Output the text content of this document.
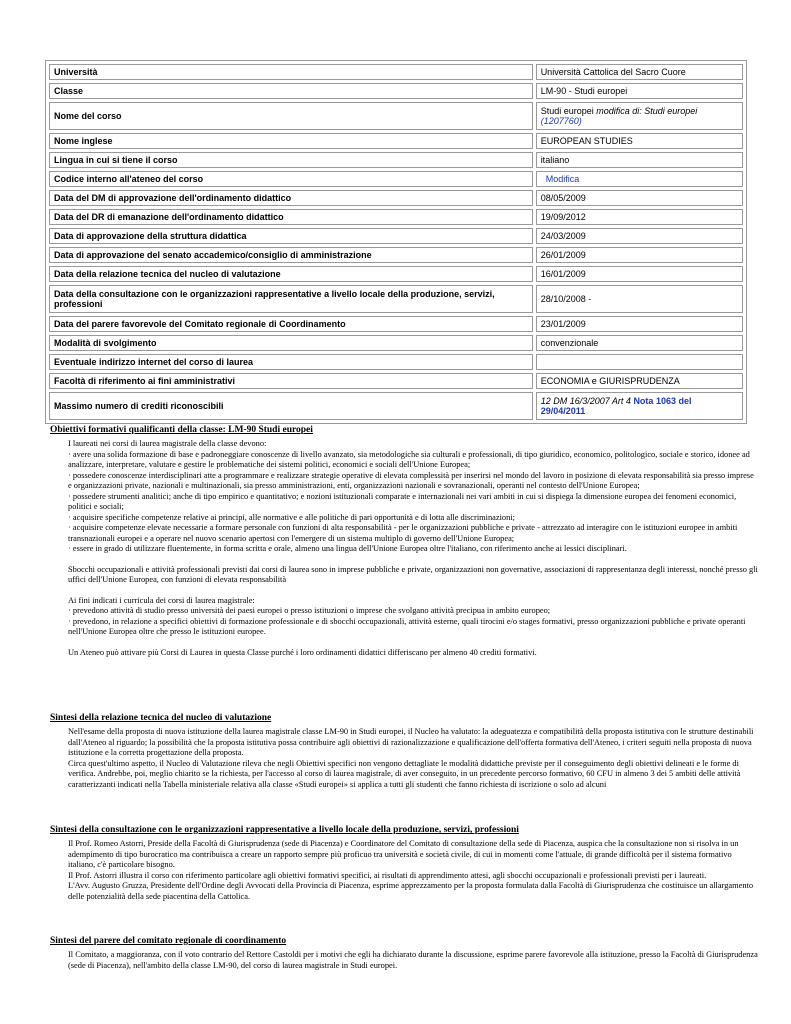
Università	Università Cattolica del Sacro Cuore
Classe	LM-90 - Studi europei
Nome del corso	Studi europei modifica di: Studi europei
(1207760)
Nome inglese	EUROPEAN STUDIES
Lingua in cui si tiene il corso	italiano
Codice interno all'ateneo del corso	Modifica
Data del DM di approvazione dell'ordinamento didattico	08/05/2009
Data del DR di emanazione dell'ordinamento didattico	19/09/2012
Data di approvazione della struttura didattica	24/03/2009
Data di approvazione del senato accademico/consiglio di amministrazione	26/01/2009
Data della relazione tecnica del nucleo di valutazione	16/01/2009
Data della consultazione con le organizzazioni rappresentative a livello locale della produzione, servizi, professioni	28/10/2008 -
Data del parere favorevole del Comitato regionale di Coordinamento	23/01/2009
Modalità di svolgimento	convenzionale
Eventuale indirizzo internet del corso di laurea	
Facoltà di riferimento ai fini amministrativi	ECONOMIA e GIURISPRUDENZA
Massimo numero di crediti riconoscibili	12 DM 16/3/2007 Art 4 Nota 1063 del 29/04/2011
Obiettivi formativi qualificanti della classe: LM-90 Studi europei

I laureati nei corsi di laurea magistrale della classe devono:

· avere una solida formazione di base e padroneggiare conoscenze di livello avanzato, sia metodologiche sia culturali e professionali, di tipo giuridico, economico, politologico, sociale e storico, idonee ad analizzare, interpretare, valutare e gestire le problematiche dei sistemi politici, economici e sociali dell'Unione Europea;

· possedere conoscenze interdisciplinari atte a programmare e realizzare strategie operative di elevata complessità per inserirsi nel mondo del lavoro in posizione di elevata responsabilità sia presso imprese e organizzazioni private, nazionali e multinazionali, sia presso amministrazioni, enti, organizzazioni nazionali e sovranazionali, operanti nel contesto dell'Unione Europea;

· possedere strumenti analitici; anche di tipo empirico e quantitativo; e nozioni istituzionali comparate e internazionali nei vari ambiti in cui si dispiega la dimensione europea dei fenomeni economici, politici e sociali;

· acquisire specifiche competenze relative ai principi, alle normative e alle politiche di pari opportunità e di lotta alle discriminazioni;

· acquisire competenze elevate necessarie a formare personale con funzioni di alta responsabilità - per le organizzazioni pubbliche e private - attrezzato ad interagire con le istituzioni europee in ambiti transnazionali europei e a operare nel nuovo scenario apertosi con l'emergere di un sistema multiplo di governo dell'Unione Europea;

· essere in grado di utilizzare fluentemente, in forma scritta e orale, almeno una lingua dell'Unione Europea oltre l'italiano, con riferimento anche ai lessici disciplinari.

Sbocchi occupazionali e attività professionali previsti dai corsi di laurea sono in imprese pubbliche e private, organizzazioni non governative, associazioni di rappresentanza degli interessi, nonché presso gli uffici dell'Unione Europea, con funzioni di elevata responsabilità

Ai fini indicati i curricula dei corsi di laurea magistrale:

· prevedono attività di studio presso università dei paesi europei o presso istituzioni o imprese che svolgano attività precipua in ambito europeo;

· prevedono, in relazione a specifici obiettivi di formazione professionale e di sbocchi occupazionali, attività esterne, quali tirocini e/o stages formativi, presso organizzazioni pubbliche e private operanti nell'Unione Europea oltre che presso le istituzioni europee.

Un Ateneo può attivare più Corsi di Laurea in questa Classe purché i loro ordinamenti didattici differiscano per almeno 40 crediti formativi.

Sintesi della relazione tecnica del nucleo di valutazione

Nell'esame della proposta di nuova istituzione della laurea magistrale classe LM-90 in Studi europei, il Nucleo ha valutato: la adeguatezza e compatibilità della proposta istitutiva con le strutture destinabili dall'Ateneo al riguardo; la possibilità che la proposta istitutiva possa contribuire agli obiettivi di razionalizzazione e qualificazione dell'offerta formativa dell'Ateneo, i criteri seguiti nella proposta di nuova istituzione e la corretta progettazione della proposta.

Circa quest'ultimo aspetto, il Nucleo di Valutazione rileva che negli Obiettivi specifici non vengono dettagliate le modalità didattiche previste per il conseguimento degli obiettivi delineati e le forme di verifica. Andrebbe, poi, meglio chiarito se la richiesta, per l'accesso al corso di laurea magistrale, di aver conseguito, in un precedente percorso formativo, 60 CFU in almeno 3 dei 5 ambiti delle attività caratterizzanti indicati nella Tabella ministeriale relativa alla classe «Studi europei» si applica a tutti gli studenti che fanno richiesta di iscrizione o solo ad alcuni

Sintesi della consultazione con le organizzazioni rappresentative a livello locale della produzione, servizi, professioni

Il Prof. Romeo Astorri, Preside della Facoltà di Giurisprudenza (sede di Piacenza) e Coordinatore del Comitato di consultazione della sede di Piacenza, auspica che la consultazione non si risolva in un adempimento di tipo burocratico ma contribuisca a creare un rapporto sempre più proficuo tra università e società civile, di cui in momenti come l'attuale, di grande difficoltà per il sistema formativo italiano, c'è particolare bisogno.

Il Prof. Astorri illustra il corso con riferimento particolare agli obiettivi formativi specifici, ai risultati di apprendimento attesi, agli sbocchi occupazionali e professionali previsti per i laureati.

L'Avv. Augusto Gruzza, Presidente dell'Ordine degli Avvocati della Provincia di Piacenza, esprime apprezzamento per la proposta formulata dalla Facoltà di Giurisprudenza che costituisce un allargamento delle potenzialità della sede piacentina della Cattolica.

Sintesi del parere del comitato regionale di coordinamento

Il Comitato, a maggioranza, con il voto contrario del Rettore Castoldi per i motivi che egli ha dichiarato durante la discussione, esprime parere favorevole alla istituzione, presso la Facoltà di Giurisprudenza (sede di Piacenza), nell'ambito della classe LM-90, del corso di laurea magistrale in Studi europei.
